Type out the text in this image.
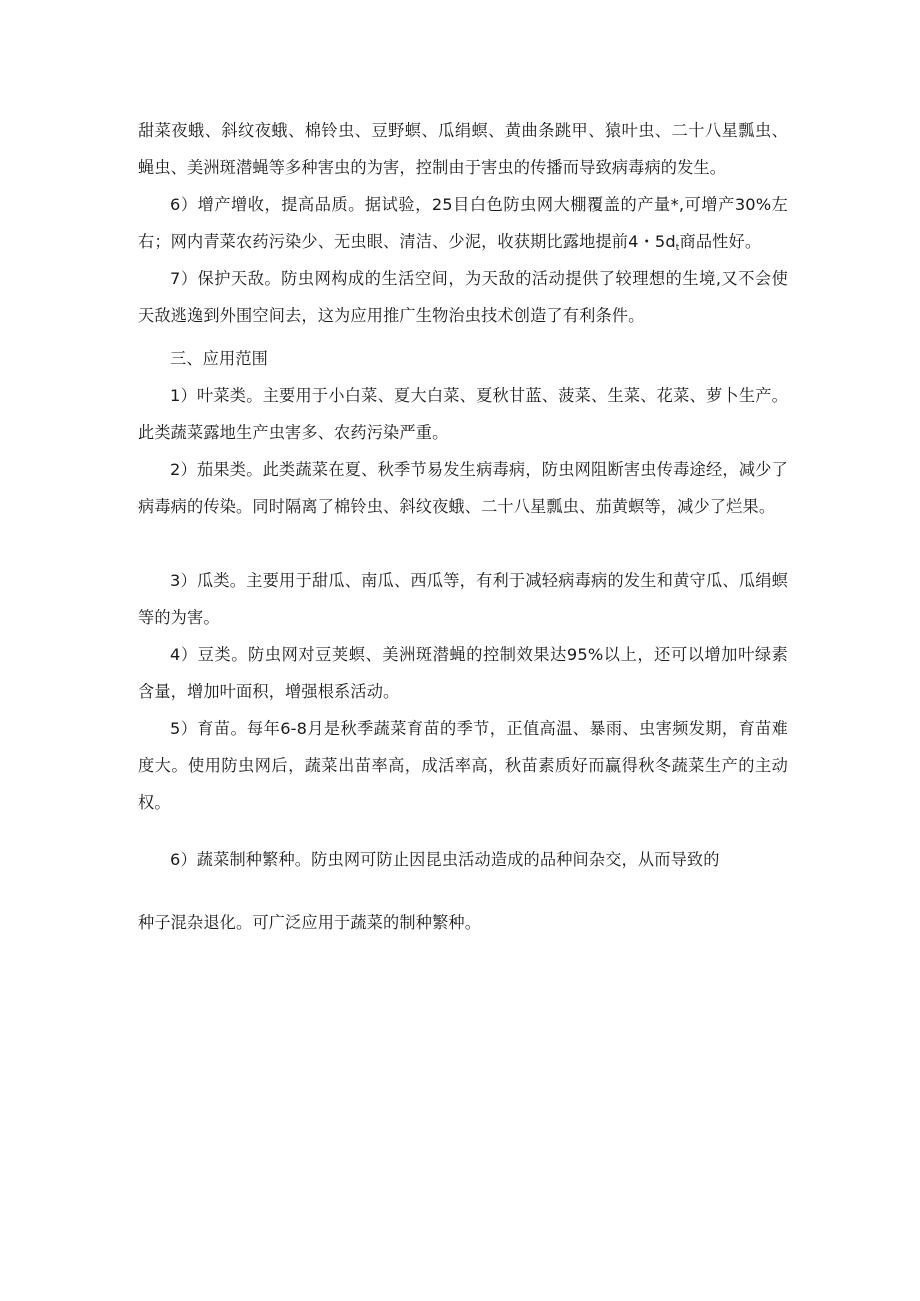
甜菜夜蛾、斜纹夜蛾、棉铃虫、豆野螟、瓜绢螟、黄曲条跳甲、猿叶虫、二十八星瓢虫、蝇虫、美洲斑潜蝇等多种害虫的为害，控制由于害虫的传播而导致病毒病的发生。

6）增产增收，提高品质。据试验，25目白色防虫网大棚覆盖的产量*,可增产30%左右；网内青菜农药污染少、无虫眼、清洁、少泥，收获期比露地提前4・$5d_t$商品性好。

7）保护天敌。防虫网构成的生活空间，为天敌的活动提供了较理想的生境,又不会使天敌逃逸到外围空间去，这为应用推广生物治虫技术创造了有利条件。

三、应用范围

1）叶菜类。主要用于小白菜、夏大白菜、夏秋甘蓝、菠菜、生菜、花菜、萝卜生产。此类蔬菜露地生产虫害多、农药污染严重。

2）茄果类。此类蔬菜在夏、秋季节易发生病毒病，防虫网阻断害虫传毒途经，减少了病毒病的传染。同时隔离了棉铃虫、斜纹夜蛾、二十八星瓢虫、茄黄螟等，减少了烂果。

3）瓜类。主要用于甜瓜、南瓜、西瓜等，有利于减轻病毒病的发生和黄守瓜、瓜绢螟等的为害。

4）豆类。防虫网对豆荚螟、美洲斑潜蝇的控制效果达95%以上，还可以增加叶绿素含量，增加叶面积，增强根系活动。

5）育苗。每年6-8月是秋季蔬菜育苗的季节，正值高温、暴雨、虫害频发期，育苗难度大。使用防虫网后，蔬菜出苗率高，成活率高，秋苗素质好而赢得秋冬蔬菜生产的主动权。

6）蔬菜制种繁种。防虫网可防止因昆虫活动造成的品种间杂交，从而导致的

种子混杂退化。可广泛应用于蔬菜的制种繁种。
